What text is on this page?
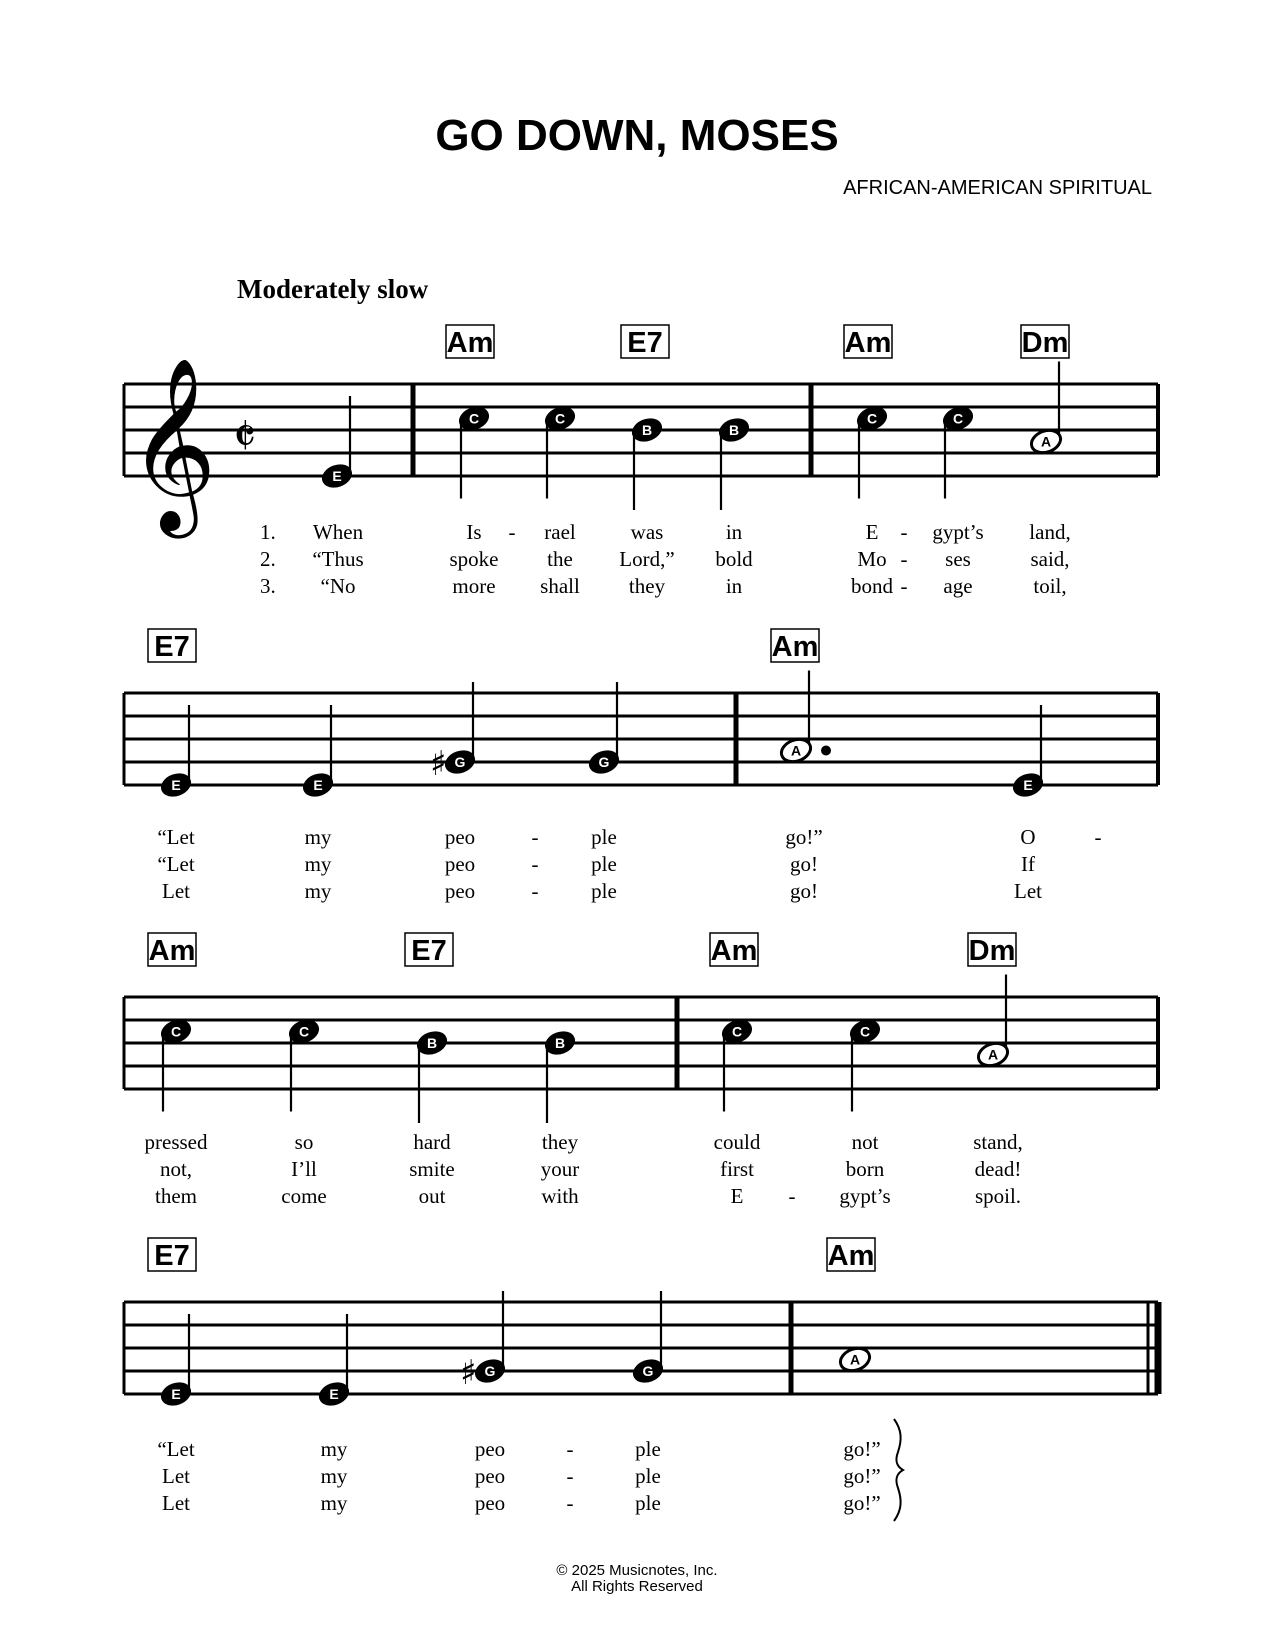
GO DOWN, MOSES
AFRICAN-AMERICAN SPIRITUAL
Moderately slow
𝄞 𝄵
1.
2.
3.
Am	E7	Am	Dm
E
C	C
B	B
C	C
A
When	Is - rael	was	in	E - gypt’s land,
“Thus	spoke the Lord,” bold	Mo - ses	said,
“No	more shall they	in	bond - age	toil,
E7	Am
E	E
G
♯	G
A
E
“Let	my	peo	-	ple	go!”	O	-
“Let	my	peo	-	ple	go!	If
Let	my	peo	-	ple	go!	Let
Am	E7	Am	Dm
C	C
B	B
C	C
A
pressed	so	hard	they	could	not	stand,
not,	I’ll	smite	your	first	born	dead!
them	come	out	with	E - gypt’s	spoil.
E7	Am
E	E
G
♯	G
A
“Let	my	peo	-	ple	go!”
Let	my	peo	-	ple	go!”
Let	my	peo	-	ple	go!”
© 2025 Musicnotes, Inc.
All Rights Reserved
